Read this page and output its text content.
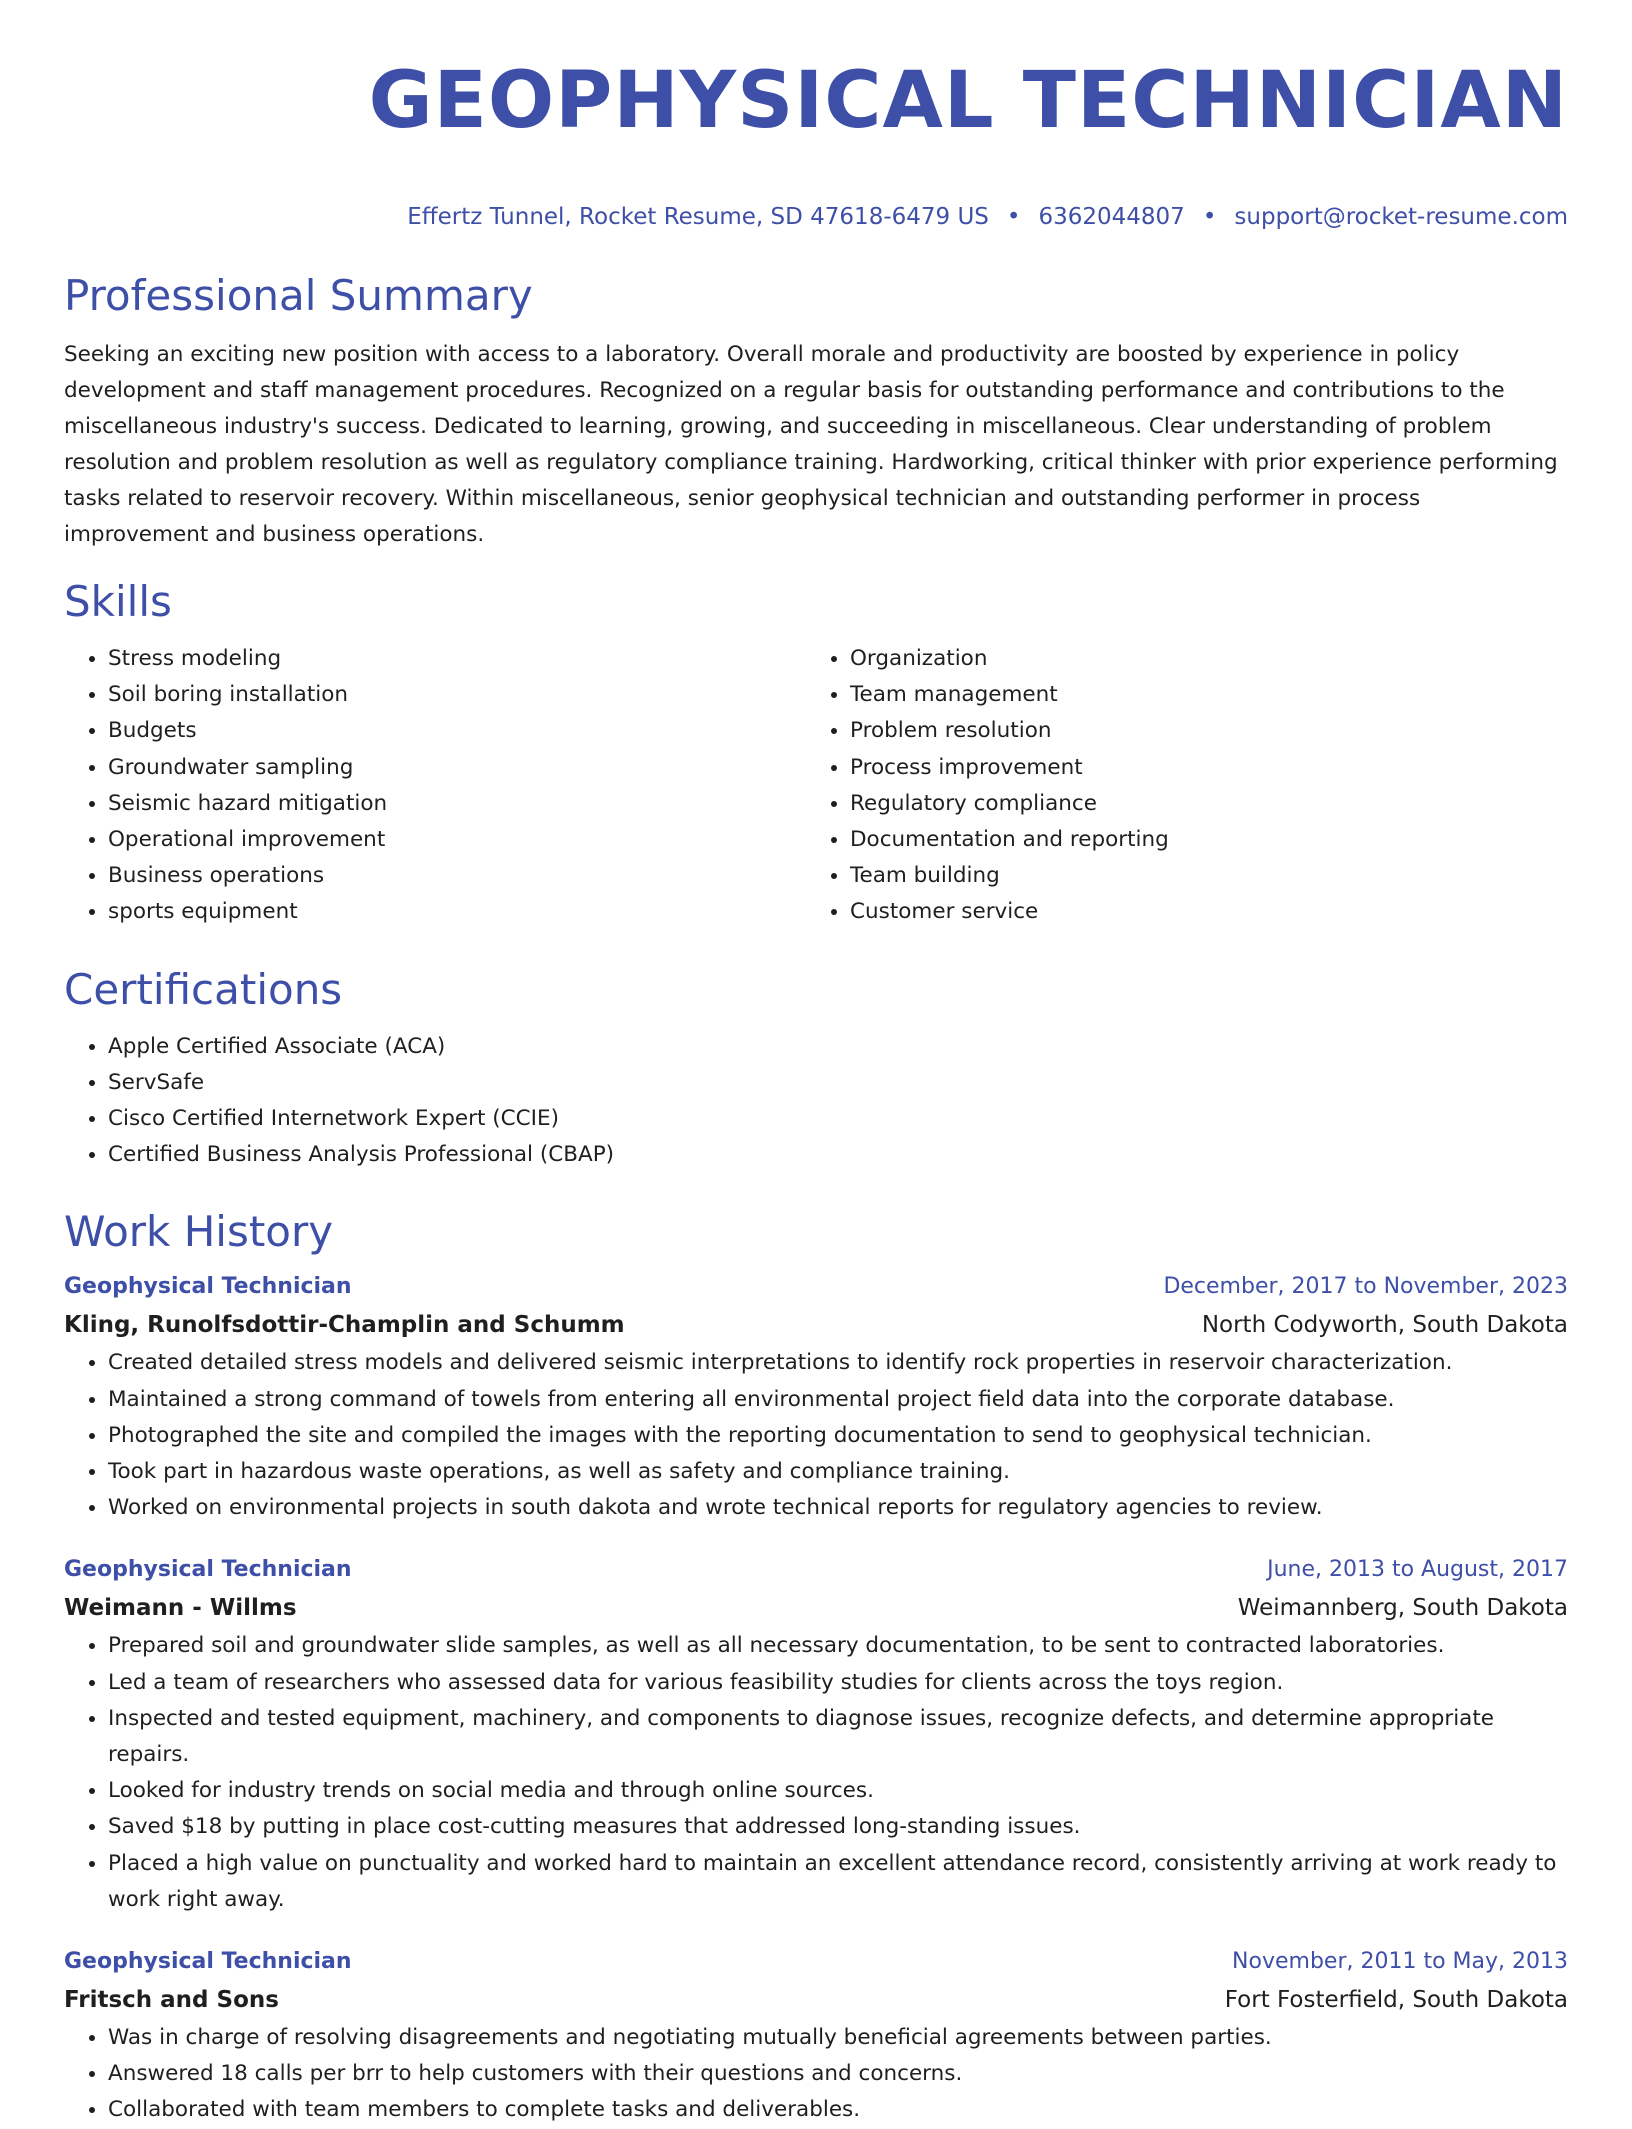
GEOPHYSICAL TECHNICIAN
Effertz Tunnel, Rocket Resume, SD 47618-6479 US • 6362044807 • support@rocket-resume.com
Professional Summary

Seeking an exciting new position with access to a laboratory. Overall morale and productivity are boosted by experience in policy development and staff management procedures. Recognized on a regular basis for outstanding performance and contributions to the miscellaneous industry's success. Dedicated to learning, growing, and succeeding in miscellaneous. Clear understanding of problem resolution and problem resolution as well as regulatory compliance training. Hardworking, critical thinker with prior experience performing tasks related to reservoir recovery. Within miscellaneous, senior geophysical technician and outstanding performer in process improvement and business operations.

Skills
• Stress modeling
• Soil boring installation
• Budgets
• Groundwater sampling
• Seismic hazard mitigation
• Operational improvement
• Business operations
• sports equipment
• Organization
• Team management
• Problem resolution
• Process improvement
• Regulatory compliance
• Documentation and reporting
• Team building
• Customer service
Certifications
• Apple Certified Associate (ACA)
• ServSafe
• Cisco Certified Internetwork Expert (CCIE)
• Certified Business Analysis Professional (CBAP)
Work History
Geophysical Technician	December, 2017 to November, 2023
Kling, Runolfsdottir-Champlin and Schumm	North Codyworth, South Dakota
• Created detailed stress models and delivered seismic interpretations to identify rock properties in reservoir characterization.
• Maintained a strong command of towels from entering all environmental project field data into the corporate database.
• Photographed the site and compiled the images with the reporting documentation to send to geophysical technician.
• Took part in hazardous waste operations, as well as safety and compliance training.
• Worked on environmental projects in south dakota and wrote technical reports for regulatory agencies to review.
Geophysical Technician	June, 2013 to August, 2017
Weimann - Willms	Weimannberg, South Dakota
• Prepared soil and groundwater slide samples, as well as all necessary documentation, to be sent to contracted laboratories.
• Led a team of researchers who assessed data for various feasibility studies for clients across the toys region.
• Inspected and tested equipment, machinery, and components to diagnose issues, recognize defects, and determine appropriate repairs.
• Looked for industry trends on social media and through online sources.
• Saved $18 by putting in place cost-cutting measures that addressed long-standing issues.
• Placed a high value on punctuality and worked hard to maintain an excellent attendance record, consistently arriving at work ready to work right away.
Geophysical Technician	November, 2011 to May, 2013
Fritsch and Sons	Fort Fosterfield, South Dakota
• Was in charge of resolving disagreements and negotiating mutually beneficial agreements between parties.
• Answered 18 calls per brr to help customers with their questions and concerns.
• Collaborated with team members to complete tasks and deliverables.
